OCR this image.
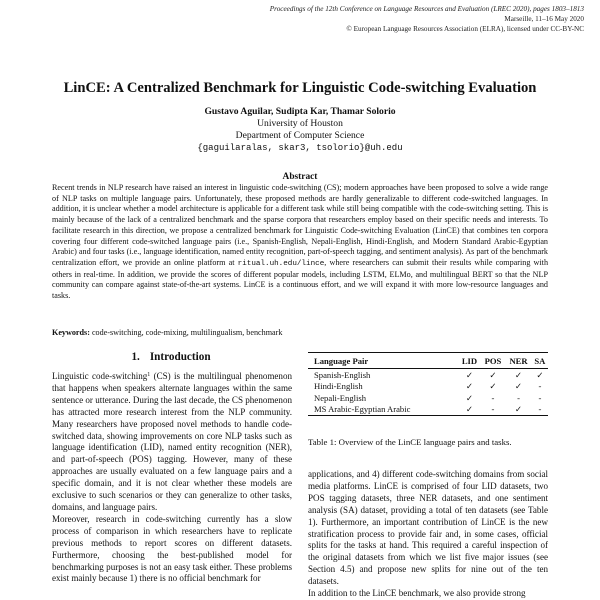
Proceedings of the 12th Conference on Language Resources and Evaluation (LREC 2020), pages 1803–1813
Marseille, 11–16 May 2020
© European Language Resources Association (ELRA), licensed under CC-BY-NC
LinCE: A Centralized Benchmark for Linguistic Code-switching Evaluation
Gustavo Aguilar, Sudipta Kar, Thamar Solorio
University of Houston
Department of Computer Science
{gaguilaralas, skar3, tsolorio}@uh.edu
Abstract
Recent trends in NLP research have raised an interest in linguistic code-switching (CS); modern approaches have been proposed to solve a wide range of NLP tasks on multiple language pairs. Unfortunately, these proposed methods are hardly generalizable to different code-switched languages. In addition, it is unclear whether a model architecture is applicable for a different task while still being compatible with the code-switching setting. This is mainly because of the lack of a centralized benchmark and the sparse corpora that researchers employ based on their specific needs and interests. To facilitate research in this direction, we propose a centralized benchmark for Linguistic Code-switching Evaluation (LinCE) that combines ten corpora covering four different code-switched language pairs (i.e., Spanish-English, Nepali-English, Hindi-English, and Modern Standard Arabic-Egyptian Arabic) and four tasks (i.e., language identification, named entity recognition, part-of-speech tagging, and sentiment analysis). As part of the benchmark centralization effort, we provide an online platform at ritual.uh.edu/lince, where researchers can submit their results while comparing with others in real-time. In addition, we provide the scores of different popular models, including LSTM, ELMo, and multilingual BERT so that the NLP community can compare against state-of-the-art systems. LinCE is a continuous effort, and we will expand it with more low-resource languages and tasks.
Keywords: code-switching, code-mixing, multilingualism, benchmark
1. Introduction

Linguistic code-switching$^1$ (CS) is the multilingual phenomenon that happens when speakers alternate languages within the same sentence or utterance. During the last decade, the CS phenomenon has attracted more research interest from the NLP community. Many researchers have proposed novel methods to handle code-switched data, showing improvements on core NLP tasks such as language identification (LID), named entity recognition (NER), and part-of-speech (POS) tagging. However, many of these approaches are usually evaluated on a few language pairs and a specific domain, and it is not clear whether these models are exclusive to such scenarios or they can generalize to other tasks, domains, and language pairs.

Moreover, research in code-switching currently has a slow process of comparison in which researchers have to replicate previous methods to report scores on different datasets. Furthermore, choosing the best-published model for benchmarking purposes is not an easy task either. These problems exist mainly because 1) there is no official benchmark for

Language Pair	LID	POS	NER	SA
Spanish-English	✓	✓	✓	✓
Hindi-English	✓	✓	✓	-
Nepali-English	✓	-	-	-
MS Arabic-Egyptian Arabic	✓	-	✓	-
Table 1: Overview of the LinCE language pairs and tasks.

applications, and 4) different code-switching domains from social media platforms. LinCE is comprised of four LID datasets, two POS tagging datasets, three NER datasets, and one sentiment analysis (SA) dataset, providing a total of ten datasets (see Table 1). Furthermore, an important contribution of LinCE is the new stratification process to provide fair and, in some cases, official splits for the tasks at hand. This required a careful inspection of the original datasets from which we list five major issues (see Section 4.5) and propose new splits for nine out of the ten datasets.

In addition to the LinCE benchmark, we also provide strong
